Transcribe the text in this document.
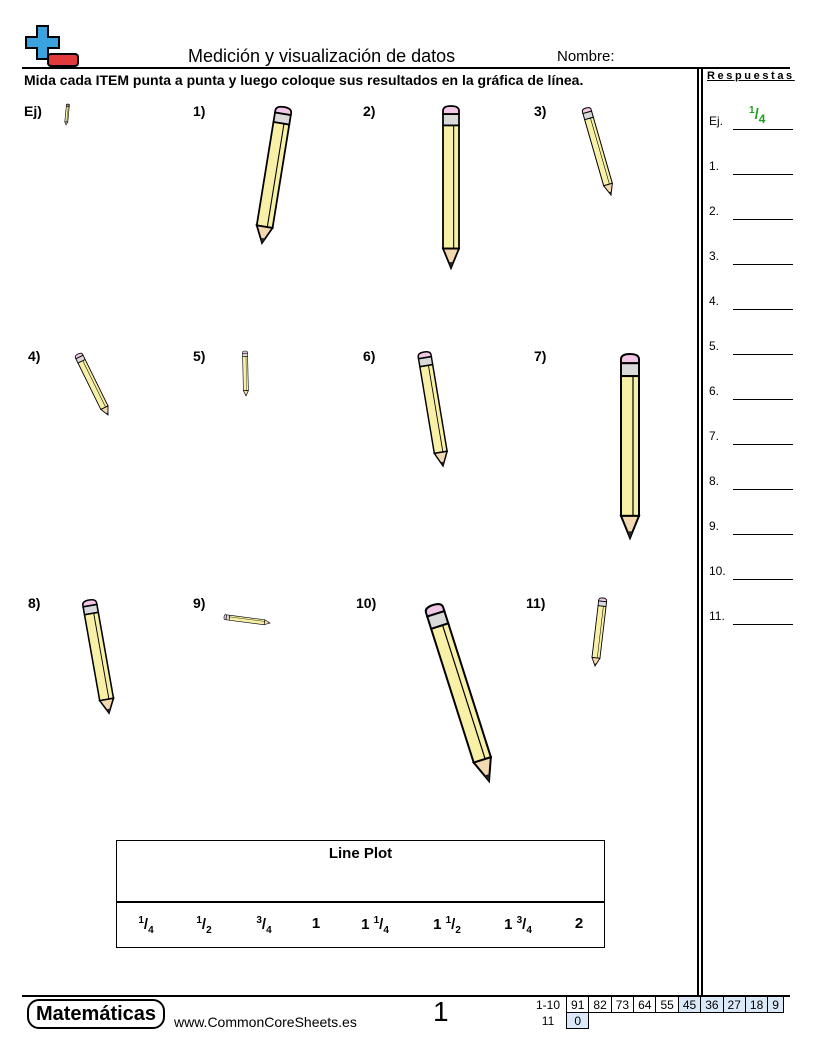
Medición y visualización de datos	Nombre:
Mida cada ITEM punta a punta y luego coloque sus resultados en la gráfica de línea.
Ej)	1)	2)	3)
4)	5)	6)	7)
8)	9)	10)	11)
Respuestas
Ej.
$^1/_4$
1.
2.
3.
4.
5.
6.
7.
8.
9.
10.
11.
Line Plot
$^1/_4$
$^1/_2$
$^3/_4$	1	1 $^1/_4$	1 $^1/_2$	1 $^3/_4$	2
Matemáticas	www.CommonCoreSheets.es	1	1-10	91	82	73	64	55	45	36	27	18	9
11	0									
